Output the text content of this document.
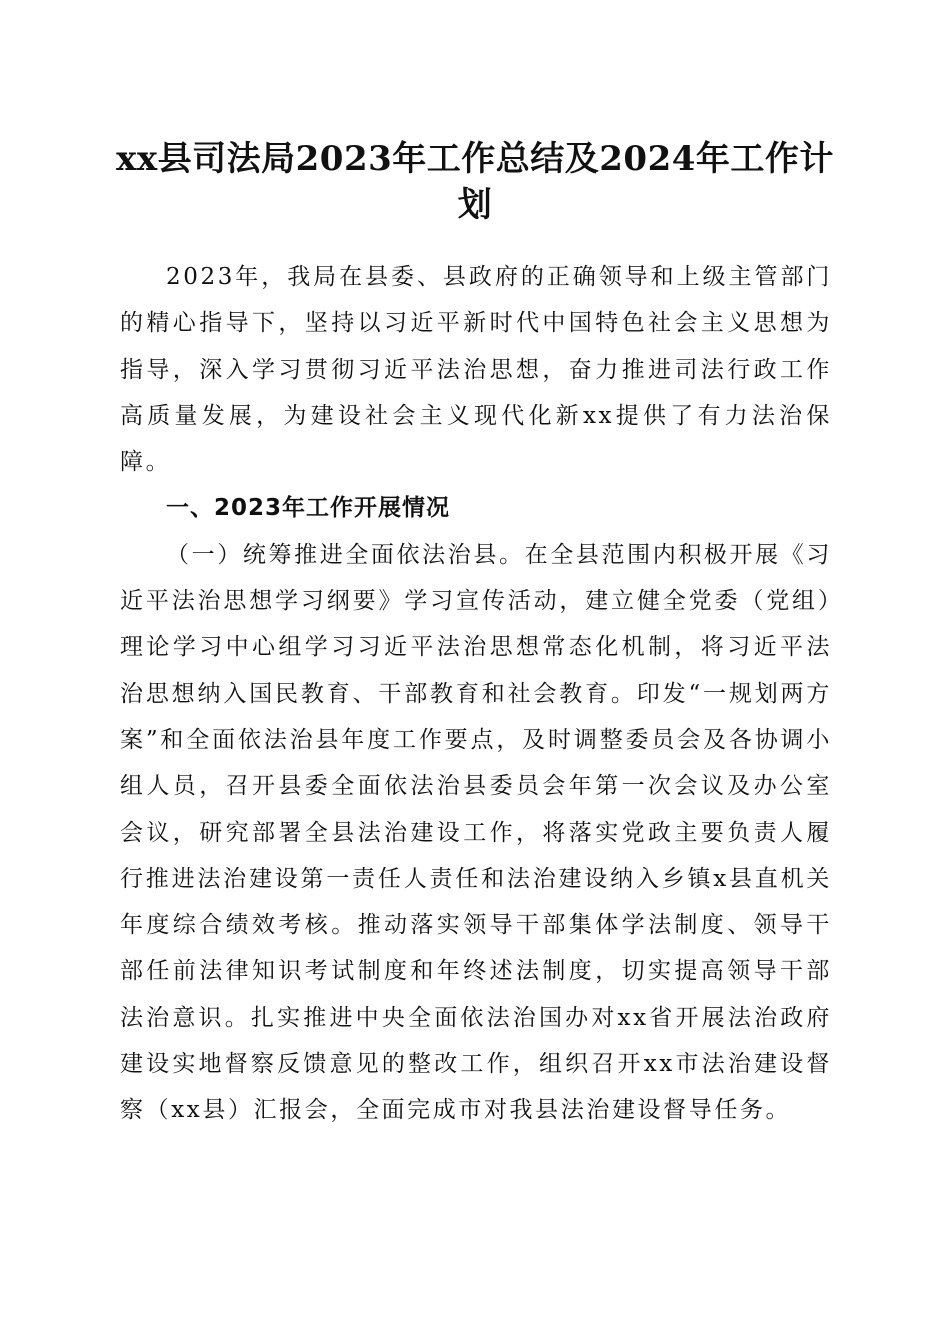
xx县司法局2023年工作总结及2024年工作计划

2023年，我局在县委、县政府的正确领导和上级主管部门的精心指导下，坚持以习近平新时代中国特色社会主义思想为指导，深入学习贯彻习近平法治思想，奋力推进司法行政工作高质量发展，为建设社会主义现代化新xx提供了有力法治保障。

一、2023年工作开展情况

（一）统筹推进全面依法治县。在全县范围内积极开展《习近平法治思想学习纲要》学习宣传活动，建立健全党委（党组）理论学习中心组学习习近平法治思想常态化机制，将习近平法治思想纳入国民教育、干部教育和社会教育。印发“一规划两方案”和全面依法治县年度工作要点，及时调整委员会及各协调小组人员，召开县委全面依法治县委员会年第一次会议及办公室会议，研究部署全县法治建设工作，将落实党政主要负责人履行推进法治建设第一责任人责任和法治建设纳入乡镇x县直机关年度综合绩效考核。推动落实领导干部集体学法制度、领导干部任前法律知识考试制度和年终述法制度，切实提高领导干部法治意识。扎实推进中央全面依法治国办对xx省开展法治政府建设实地督察反馈意见的整改工作，组织召开xx市法治建设督察（xx县）汇报会，全面完成市对我县法治建设督导任务。
